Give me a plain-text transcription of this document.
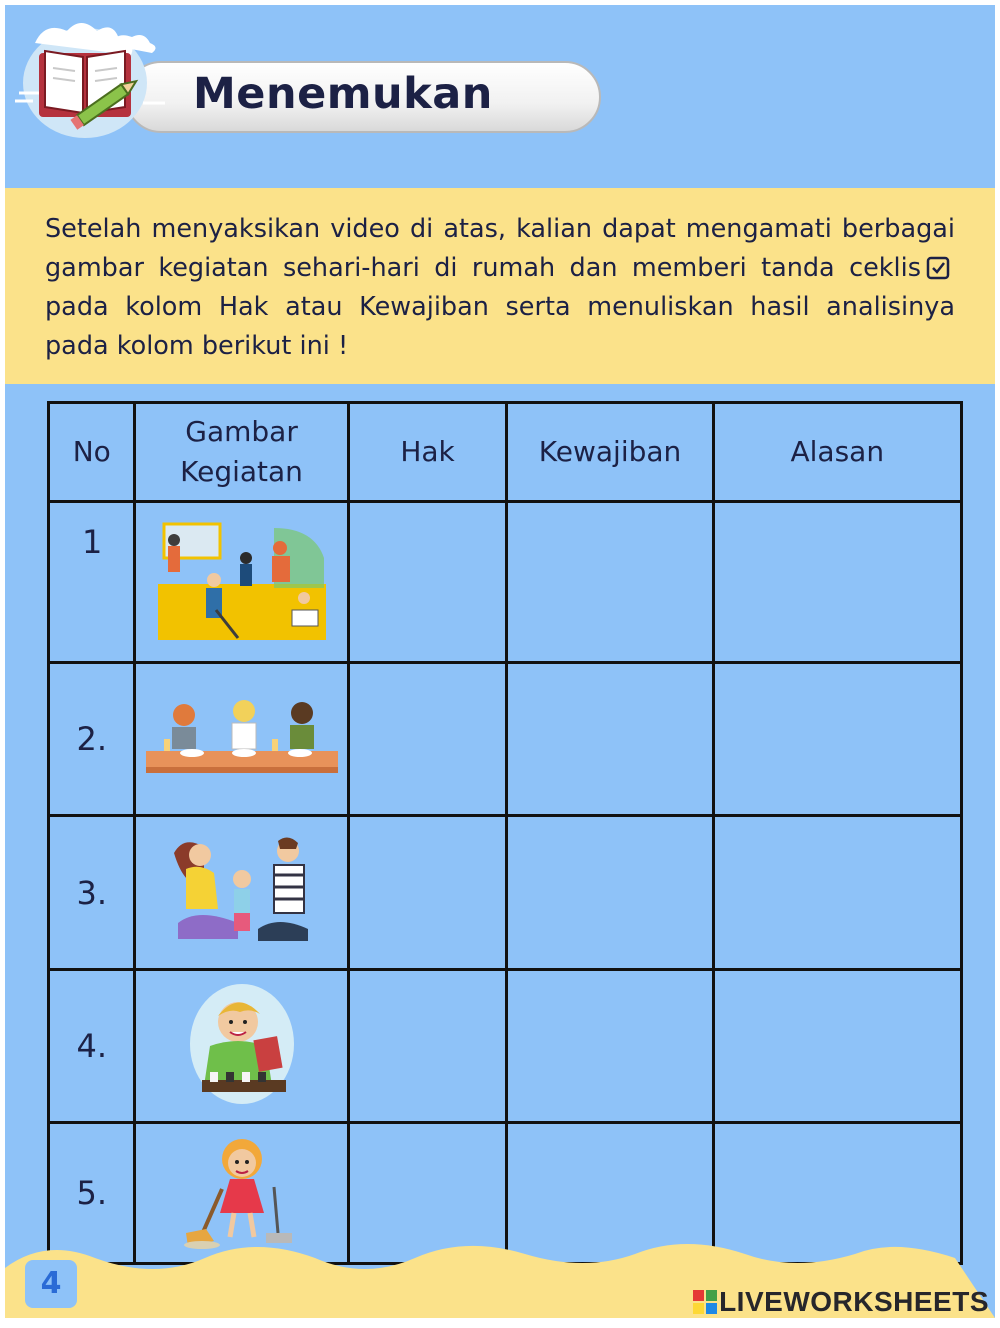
Menemukan
Setelah menyaksikan video di atas, kalian dapat mengamati berbagai gambar kegiatan sehari-hari di rumah dan memberi tanda ceklispada kolom Hak atau Kewajiban serta menuliskan hasil analisinya pada kolom berikut ini !
No	Gambar Kegiatan	Hak	Kewajiban	Alasan
1				
2.				
3.				
4.				
5.				
4
LIVEWORKSHEETS
